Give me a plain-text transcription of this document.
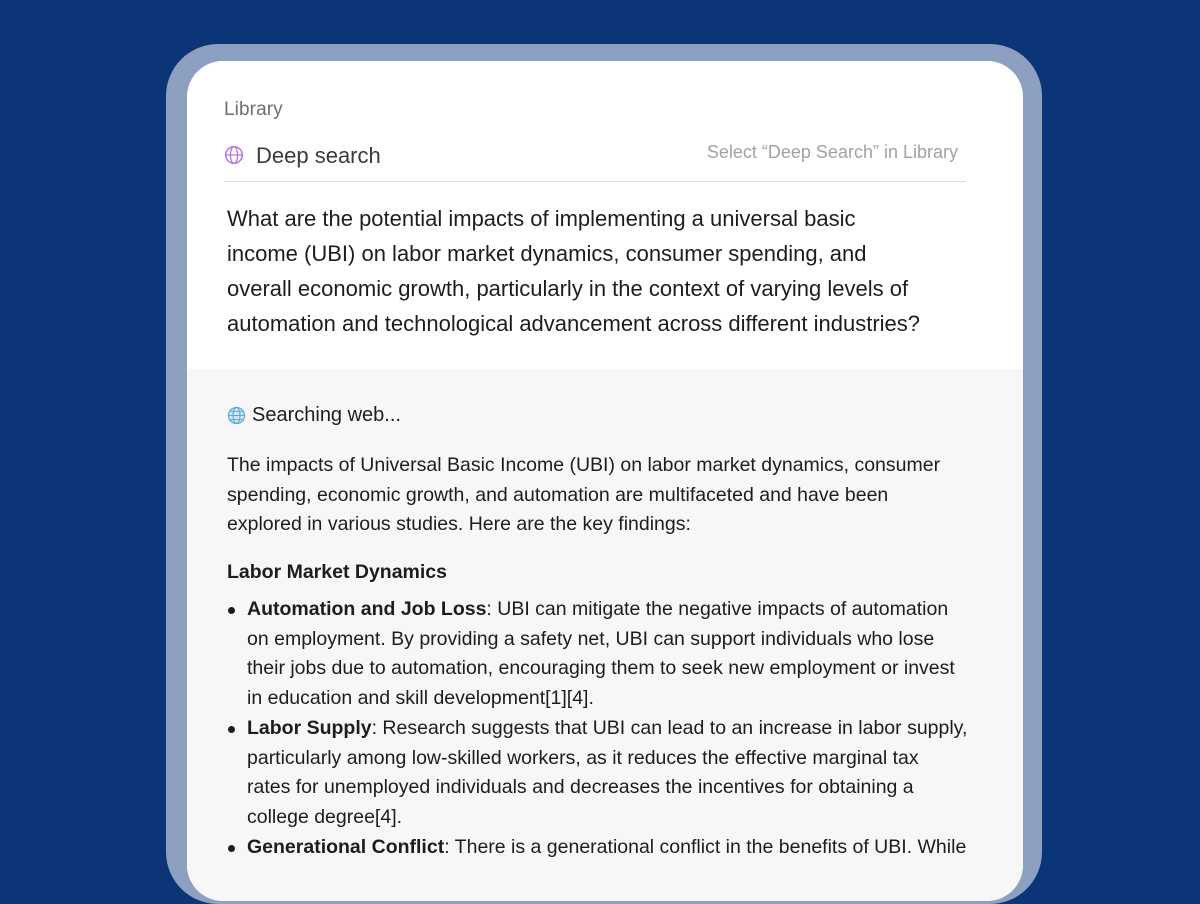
Library
Deep search	Select “Deep Search” in Library
What are the potential impacts of implementing a universal basic
income (UBI) on labor market dynamics, consumer spending, and
overall economic growth, particularly in the context of varying levels of
automation and technological advancement across different industries?
Searching web...
The impacts of Universal Basic Income (UBI) on labor market dynamics, consumer
spending, economic growth, and automation are multifaceted and have been
explored in various studies. Here are the key findings:
Labor Market Dynamics
Automation and Job Loss: UBI can mitigate the negative impacts of automation
on employment. By providing a safety net, UBI can support individuals who lose
their jobs due to automation, encouraging them to seek new employment or invest
in education and skill development[1][4].
Labor Supply: Research suggests that UBI can lead to an increase in labor supply,
particularly among low-skilled workers, as it reduces the effective marginal tax
rates for unemployed individuals and decreases the incentives for obtaining a
college degree[4].
Generational Conflict: There is a generational conflict in the benefits of UBI. While
